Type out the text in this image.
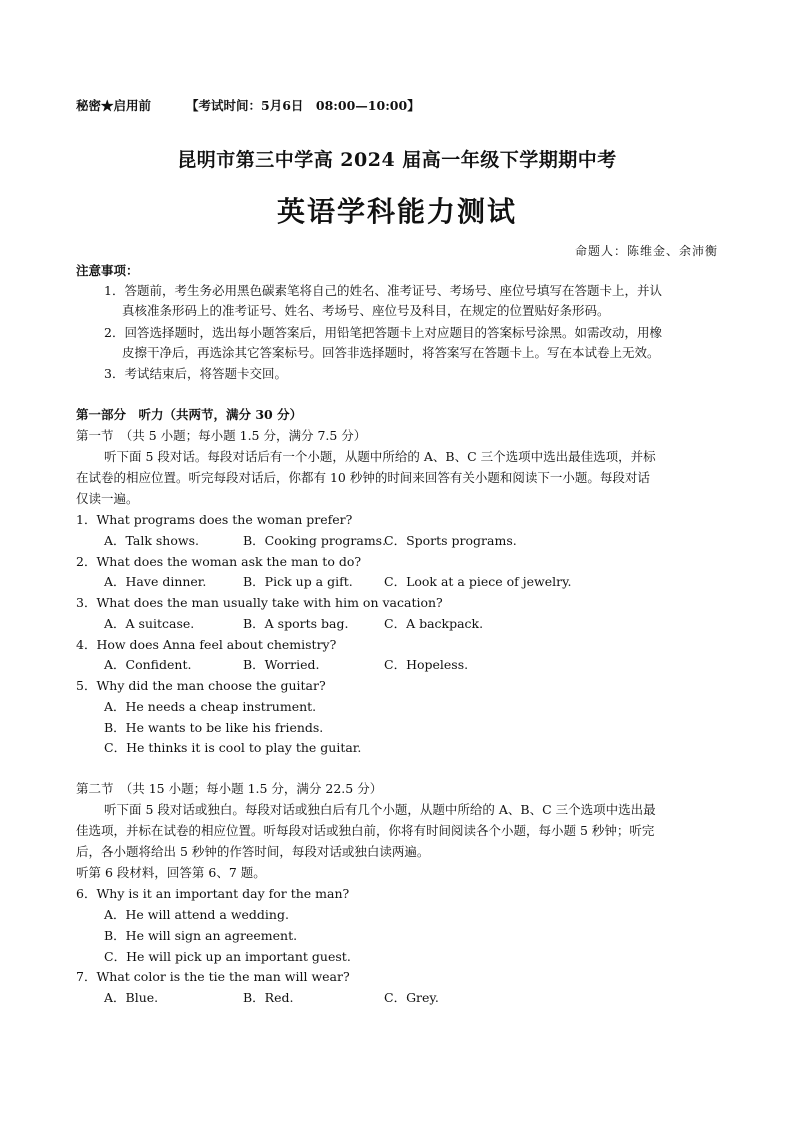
秘密★启用前	【考试时间：5月6日　08:00—10:00】
昆明市第三中学高 2024 届高一年级下学期期中考
英语学科能力测试
命题人：陈维金、余沛衡
注意事项：
1．答题前，考生务必用黑色碳素笔将自己的姓名、准考证号、考场号、座位号填写在答题卡上，并认
真核准条形码上的准考证号、姓名、考场号、座位号及科目，在规定的位置贴好条形码。
2．回答选择题时，选出每小题答案后，用铅笔把答题卡上对应题目的答案标号涂黑。如需改动，用橡
皮擦干净后，再选涂其它答案标号。回答非选择题时，将答案写在答题卡上。写在本试卷上无效。
3．考试结束后，将答题卡交回。
第一部分　听力（共两节，满分 30 分）
第一节　（共 5 小题；每小题 1.5 分，满分 7.5 分）
听下面 5 段对话。每段对话后有一个小题，从题中所给的 A、B、C 三个选项中选出最佳选项，并标
在试卷的相应位置。听完每段对话后，你都有 10 秒钟的时间来回答有关小题和阅读下一小题。每段对话
仅读一遍。
1．What programs does the woman prefer?
A．Talk shows.	B．Cooking programs.
C．Sports programs.
2．What does the woman ask the man to do?
A．Have dinner.	B．Pick up a gift.	C．Look at a piece of jewelry.
3．What does the man usually take with him on vacation?
A．A suitcase.	B．A sports bag.	C．A backpack.
4．How does Anna feel about chemistry?
A．Confident.	B．Worried.	C．Hopeless.
5．Why did the man choose the guitar?
A．He needs a cheap instrument.
B．He wants to be like his friends.
C．He thinks it is cool to play the guitar.
第二节　（共 15 小题；每小题 1.5 分，满分 22.5 分）
听下面 5 段对话或独白。每段对话或独白后有几个小题，从题中所给的 A、B、C 三个选项中选出最
佳选项，并标在试卷的相应位置。听每段对话或独白前，你将有时间阅读各个小题，每小题 5 秒钟；听完
后，各小题将给出 5 秒钟的作答时间，每段对话或独白读两遍。
听第 6 段材料，回答第 6、7 题。
6．Why is it an important day for the man?
A．He will attend a wedding.
B．He will sign an agreement.
C．He will pick up an important guest.
7．What color is the tie the man will wear?
A．Blue.	B．Red.	C．Grey.
